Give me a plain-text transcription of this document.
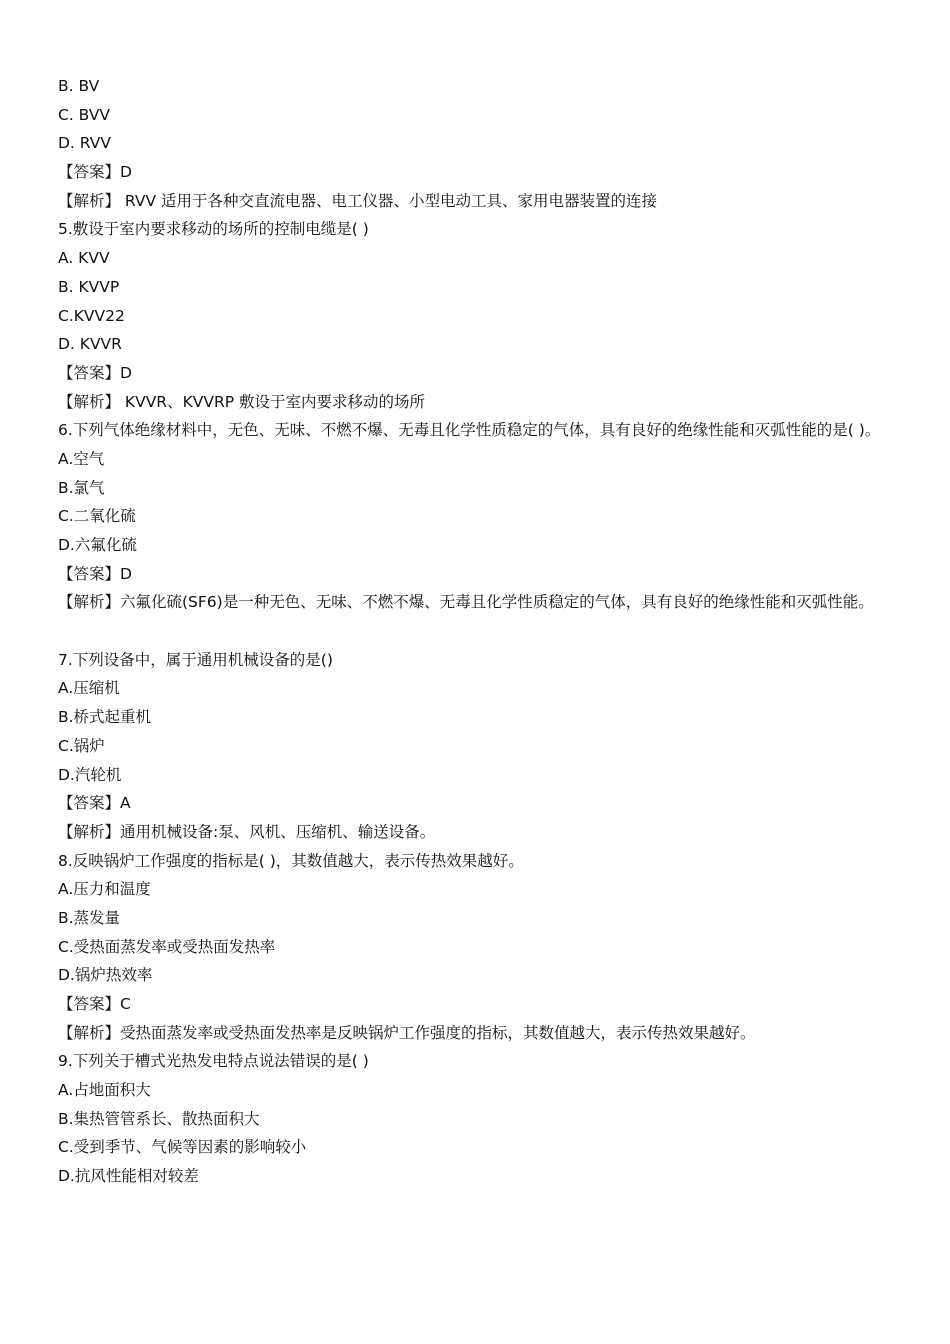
B. BV
C. BVV
D. RVV
【答案】D
【解析】 RVV 适用于各种交直流电器、电工仪器、小型电动工具、家用电器装置的连接
5.敷设于室内要求移动的场所的控制电缆是( )
A. KVV
B. KVVP
C.KVV22
D. KVVR
【答案】D
【解析】 KVVR、KVVRP 敷设于室内要求移动的场所
6.下列气体绝缘材料中，无色、无味、不燃不爆、无毒且化学性质稳定的气体，具有良好的绝缘性能和灭弧性能的是( )。
A.空气
B.氯气
C.二氧化硫
D.六氟化硫
【答案】D
【解析】六氟化硫(SF6)是一种无色、无味、不燃不爆、无毒且化学性质稳定的气体，具有良好的绝缘性能和灭弧性能。
7.下列设备中，属于通用机械设备的是()
A.压缩机
B.桥式起重机
C.锅炉
D.汽轮机
【答案】A
【解析】通用机械设备:泵、风机、压缩机、输送设备。
8.反映锅炉工作强度的指标是( )，其数值越大，表示传热效果越好。
A.压力和温度
B.蒸发量
C.受热面蒸发率或受热面发热率
D.锅炉热效率
【答案】C
【解析】受热面蒸发率或受热面发热率是反映锅炉工作强度的指标，其数值越大，表示传热效果越好。
9.下列关于槽式光热发电特点说法错误的是( )
A.占地面积大
B.集热管管系长、散热面积大
C.受到季节、气候等因素的影响较小
D.抗风性能相对较差
